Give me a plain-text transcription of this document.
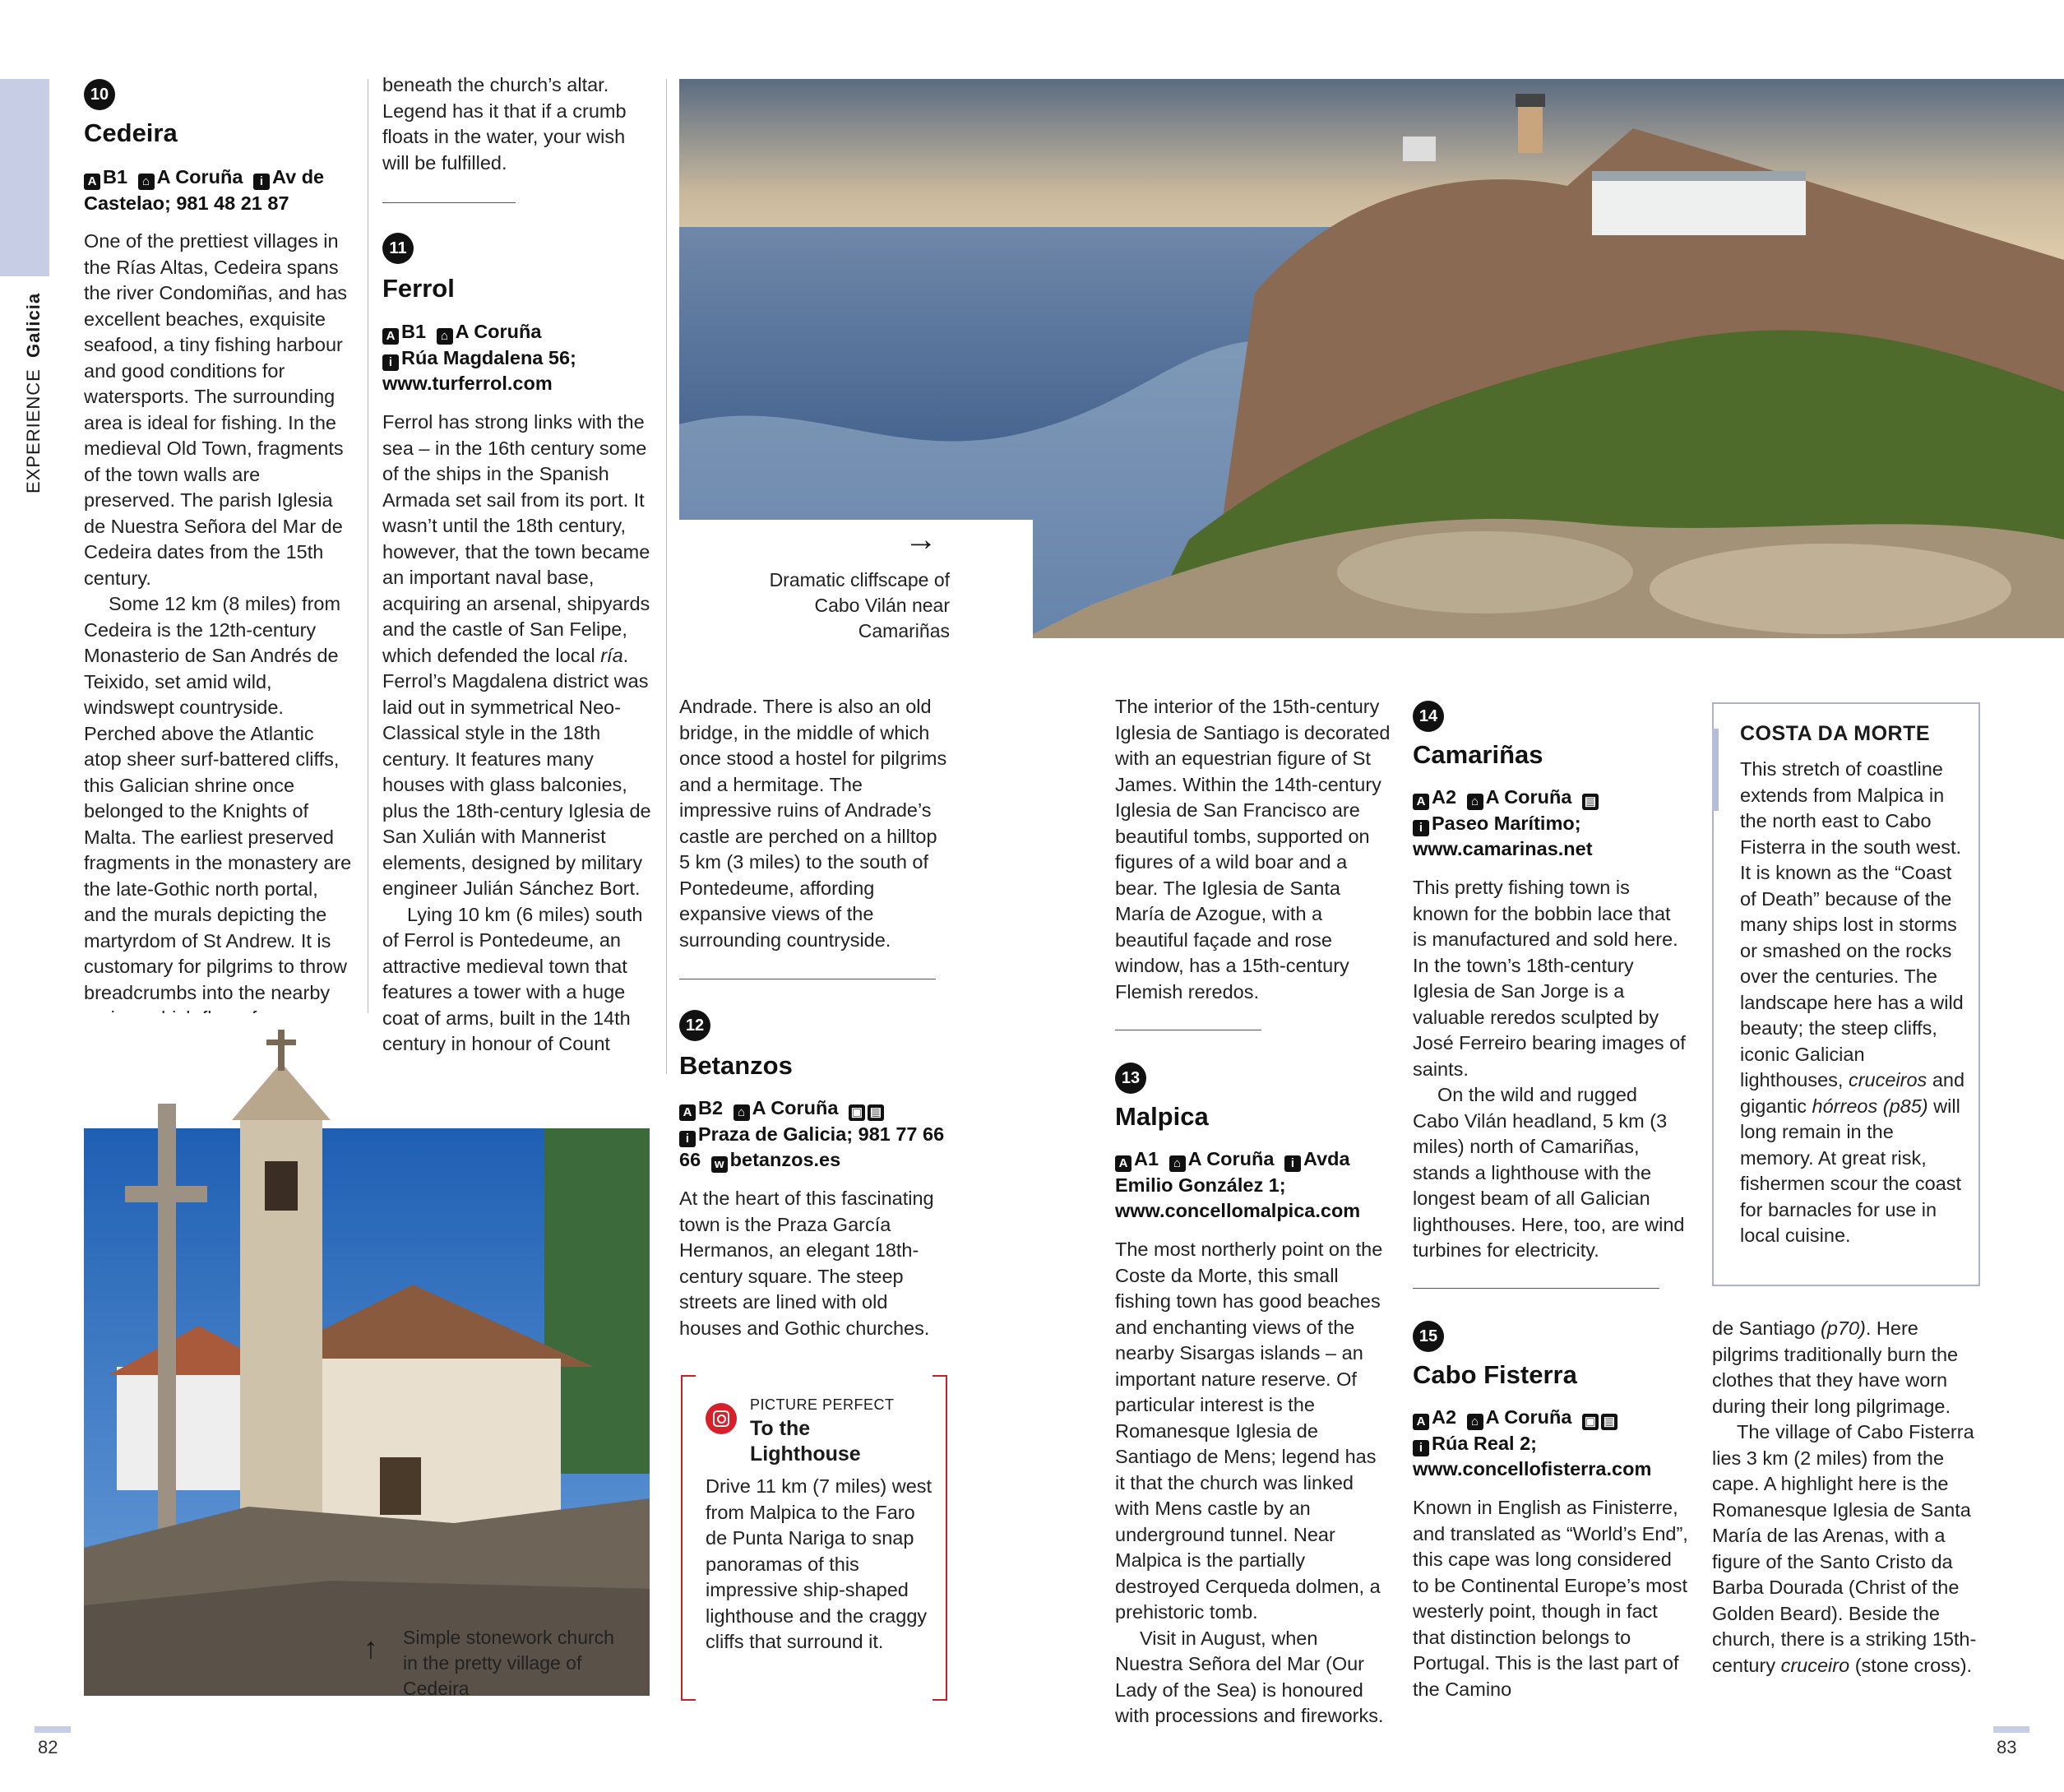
EXPERIENCE Galicia
10
Cedeira
A B1 ⌂ A Coruña i Av de Castelao; 981 48 21 87

One of the prettiest villages in the Rías Altas, Cedeira spans the river Condomiñas, and has excellent beaches, exquisite seafood, a tiny fishing harbour and good conditions for watersports. The surrounding area is ideal for fishing. In the medieval Old Town, fragments of the town walls are preserved. The parish Iglesia de Nuestra Señora del Mar de Cedeira dates from the 15th century.

Some 12 km (8 miles) from Cedeira is the 12th-century Monasterio de San Andrés de Teixido, set amid wild, windswept countryside. Perched above the Atlantic atop sheer surf-battered cliffs, this Galician shrine once belonged to the Knights of Malta. The earliest preserved fragments in the monastery are the late-Gothic north portal, and the murals depicting the martyrdom of St Andrew. It is customary for pilgrims to throw breadcrumbs into the nearby

↑ Simple stonework church in the pretty village of Cedeira

beneath the church’s altar. Legend has it that if a crumb floats in the water, your wish will be fulfilled.

11
Ferrol
A B1 ⌂ A Coruña
i Rúa Magdalena 56; www.turferrol.com

Ferrol has strong links with the sea – in the 16th century some of the ships in the Spanish Armada set sail from its port. It wasn’t until the 18th century, however, that the town became an important naval base, acquiring an arsenal, shipyards and the castle of San Felipe, which defended the local ría. Ferrol’s Magdalena district was laid out in symmetrical Neo-Classical style in the 18th century. It features many houses with glass balconies, plus the 18th-century Iglesia de San Xulián with Mannerist elements, designed by military engineer Julián Sánchez Bort.

Lying 10 km (6 miles) south of Ferrol is Pontedeume, an attractive medieval town that features a tower with a huge coat of arms, built in the 14th century in honour of Count

→
Dramatic cliffscape of Cabo Vilán near Camariñas

Andrade. There is also an old bridge, in the middle of which once stood a hostel for pilgrims and a hermitage. The impressive ruins of Andrade’s castle are perched on a hilltop 5 km (3 miles) to the south of Pontedeume, affording expansive views of the surrounding countryside.

12
Betanzos
A B2 ⌂ A Coruña ▣ ▤
i Praza de Galicia; 981 77 66 66 w betanzos.es

At the heart of this fascinating town is the Praza García Hermanos, an elegant 18th-century square. The steep streets are lined with old houses and Gothic churches.

PICTURE PERFECT
To the Lighthouse
Drive 11 km (7 miles) west from Malpica to the Faro de Punta Nariga to snap panoramas of this impressive ship-shaped lighthouse and the craggy cliffs that surround it.

The interior of the 15th-century Iglesia de Santiago is decorated with an equestrian figure of St James. Within the 14th-century Iglesia de San Francisco are beautiful tombs, supported on figures of a wild boar and a bear. The Iglesia de Santa María de Azogue, with a beautiful façade and rose window, has a 15th-century Flemish reredos.

13
Malpica
A A1 ⌂ A Coruña i Avda Emilio González 1; www.concellomalpica.com

The most northerly point on the Coste da Morte, this small fishing town has good beaches and enchanting views of the nearby Sisargas islands – an important nature reserve. Of particular interest is the Romanesque Iglesia de Santiago de Mens; legend has it that the church was linked with Mens castle by an underground tunnel. Near Malpica is the partially destroyed Cerqueda dolmen, a prehistoric tomb.

Visit in August, when Nuestra Señora del Mar (Our Lady of the Sea) is honoured with processions and fireworks.

14
Camariñas
A A2 ⌂ A Coruña ▤
i Paseo Marítimo; www.camarinas.net

This pretty fishing town is known for the bobbin lace that is manufactured and sold here. In the town’s 18th-century Iglesia de San Jorge is a valuable reredos sculpted by José Ferreiro bearing images of saints.

On the wild and rugged Cabo Vilán headland, 5 km (3 miles) north of Camariñas, stands a lighthouse with the longest beam of all Galician lighthouses. Here, too, are wind turbines for electricity.

15
Cabo Fisterra
A A2 ⌂ A Coruña ▣ ▤
i Rúa Real 2; www.concellofisterra.com

Known in English as Finisterre, and translated as “World’s End”, this cape was long considered to be Continental Europe’s most westerly point, though in fact that distinction belongs to Portugal. This is the last part of the Camino

COSTA DA MORTE
This stretch of coastline extends from Malpica in the north east to Cabo Fisterra in the south west. It is known as the “Coast of Death” because of the many ships lost in storms or smashed on the rocks over the centuries. The landscape here has a wild beauty; the steep cliffs, iconic Galician lighthouses, cruceiros and gigantic hórreos (p85) will long remain in the memory. At great risk, fishermen scour the coast for barnacles for use in local cuisine.

de Santiago (p70). Here pilgrims traditionally burn the clothes that they have worn during their long pilgrimage.

The village of Cabo Fisterra lies 3 km (2 miles) from the cape. A highlight here is the Romanesque Iglesia de Santa María de las Arenas, with a figure of the Santo Cristo da Barba Dourada (Christ of the Golden Beard). Beside the church, there is a striking 15th-century cruceiro (stone cross).

82	83
